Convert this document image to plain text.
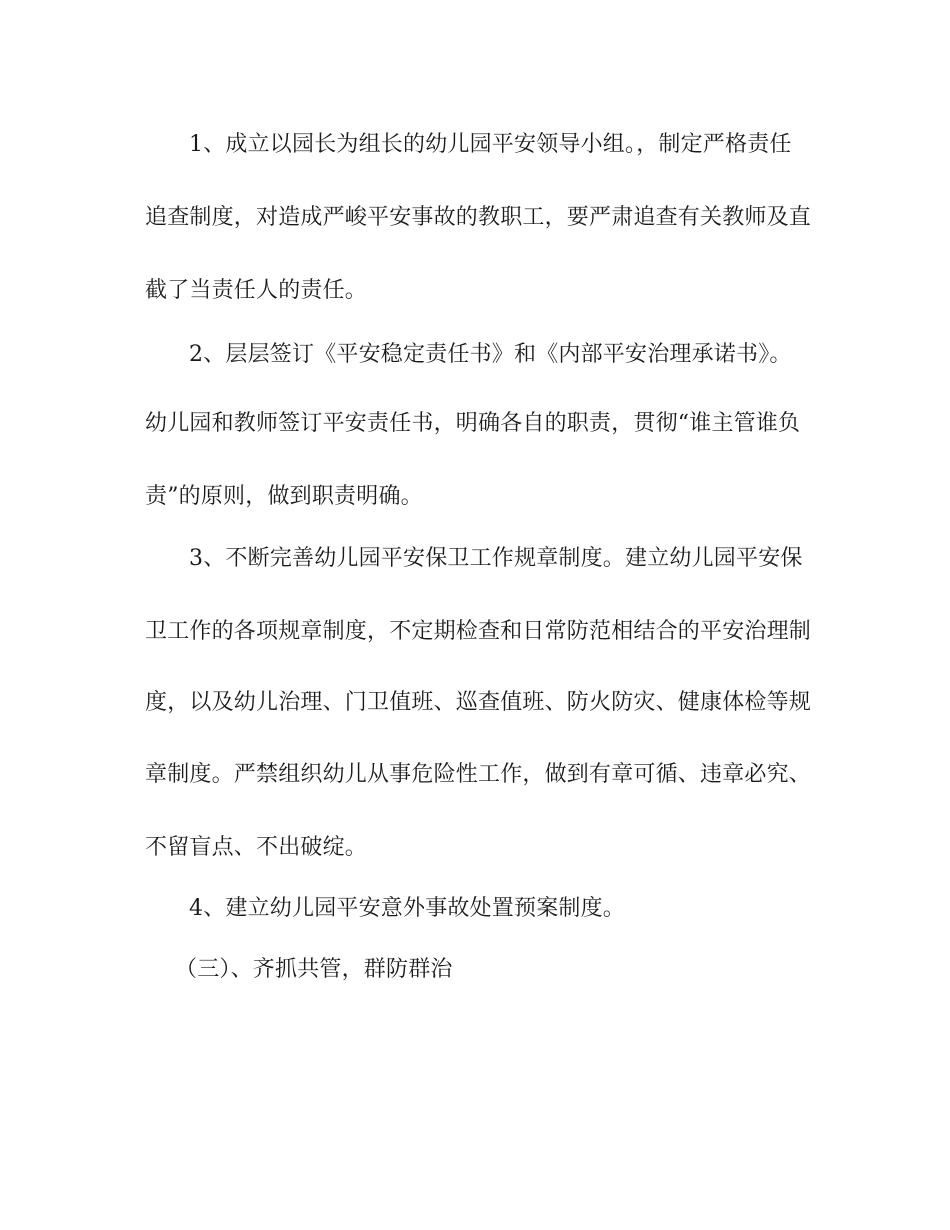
1、成立以园长为组长的幼儿园平安领导小组。，制定严格责任
追查制度，对造成严峻平安事故的教职工，要严肃追查有关教师及直
截了当责任人的责任。
2、层层签订《平安稳定责任书》和《内部平安治理承诺书》。
幼儿园和教师签订平安责任书，明确各自的职责，贯彻“谁主管谁负
责”的原则，做到职责明确。
3、不断完善幼儿园平安保卫工作规章制度。建立幼儿园平安保
卫工作的各项规章制度，不定期检查和日常防范相结合的平安治理制
度，以及幼儿治理、门卫值班、巡查值班、防火防灾、健康体检等规
章制度。严禁组织幼儿从事危险性工作，做到有章可循、违章必究、
不留盲点、不出破绽。
4、建立幼儿园平安意外事故处置预案制度。
（三）、齐抓共管，群防群治
